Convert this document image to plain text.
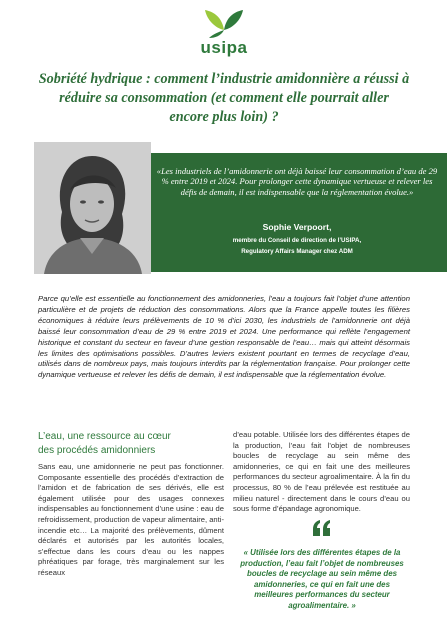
usipa
Sobriété hydrique : comment l’industrie amidonnière a réussi à réduire sa consommation (et comment elle pourrait aller encore plus loin) ?
«Les industriels de l’amidonnerie ont déjà baissé leur consommation d’eau de 29 % entre 2019 et 2024. Pour prolonger cette dynamique vertueuse et relever les défis de demain, il est indispensable que la réglementation évolue.»
Sophie Verpoort,
membre du Conseil de direction de l’USIPA,
Regulatory Affairs Manager chez ADM
Parce qu’elle est essentielle au fonctionnement des amidonneries, l’eau a toujours fait l’objet d’une attention particulière et de projets de réduction des consommations. Alors que la France appelle toutes les filières économiques à réduire leurs prélèvements de 10 % d’ici 2030, les industriels de l’amidonnerie ont déjà baissé leur consommation d’eau de 29 % entre 2019 et 2024. Une performance qui reflète l’engagement historique et constant du secteur en faveur d’une gestion responsable de l’eau… mais qui atteint désormais les limites des optimisations possibles. D’autres leviers existent pourtant en termes de recyclage d’eau, utilisés dans de nombreux pays, mais toujours interdits par la réglementation française. Pour prolonger cette dynamique vertueuse et relever les défis de demain, il est indispensable que la réglementation évolue.
L’eau, une ressource au cœur
des procédés amidonniers
Sans eau, une amidonnerie ne peut pas fonctionner. Composante essentielle des procédés d’extraction de l’amidon et de fabrication de ses dérivés, elle est également utilisée pour des usages connexes indispensables au fonctionnement d’une usine : eau de refroidissement, production de vapeur alimentaire, anti-incendie etc… La majorité des prélèvements, dûment déclarés et autorisés par les autorités locales, s’effectue dans les cours d’eau ou les nappes phréatiques par forage, très marginalement sur les réseaux
d’eau potable. Utilisée lors des différentes étapes de la production, l’eau fait l’objet de nombreuses boucles de recyclage au sein même des amidonneries, ce qui en fait une des meilleures performances du secteur agroalimentaire. À la fin du processus, 80 % de l’eau prélevée est restituée au milieu naturel - directement dans le cours d’eau ou sous forme d’épandage agronomique.
« Utilisée lors des différentes étapes de la production, l’eau fait l’objet de nombreuses boucles de recyclage au sein même des amidonneries, ce qui en fait une des meilleures performances du secteur agroalimentaire. »
